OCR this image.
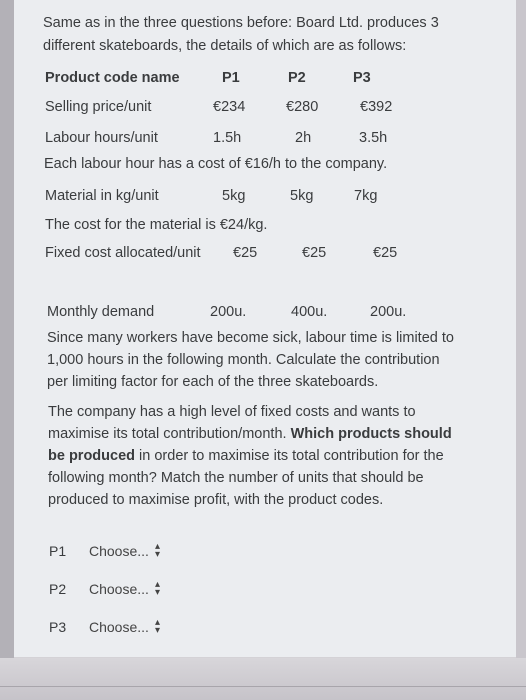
Same as in the three questions before: Board Ltd. produces 3
different skateboards, the details of which are as follows:
Product code name	P1	P2	P3
Selling price/unit	€234	€280	€392
Labour hours/unit	1.5h	2h	3.5h
Each labour hour has a cost of €16/h to the company.
Material in kg/unit	5kg	5kg	7kg
The cost for the material is €24/kg.
Fixed cost allocated/unit €25	€25	€25
Monthly demand	200u.	400u.	200u.
Since many workers have become sick, labour time is limited to
1,000 hours in the following month. Calculate the contribution
per limiting factor for each of the three skateboards.
The company has a high level of fixed costs and wants to
maximise its total contribution/month. Which products should
be produced in order to maximise its total contribution for the
following month? Match the number of units that should be
produced to maximise profit, with the product codes.
P1	Choose... ▴
▾
P2	Choose... ▴
▾
P3	Choose... ▴
▾
